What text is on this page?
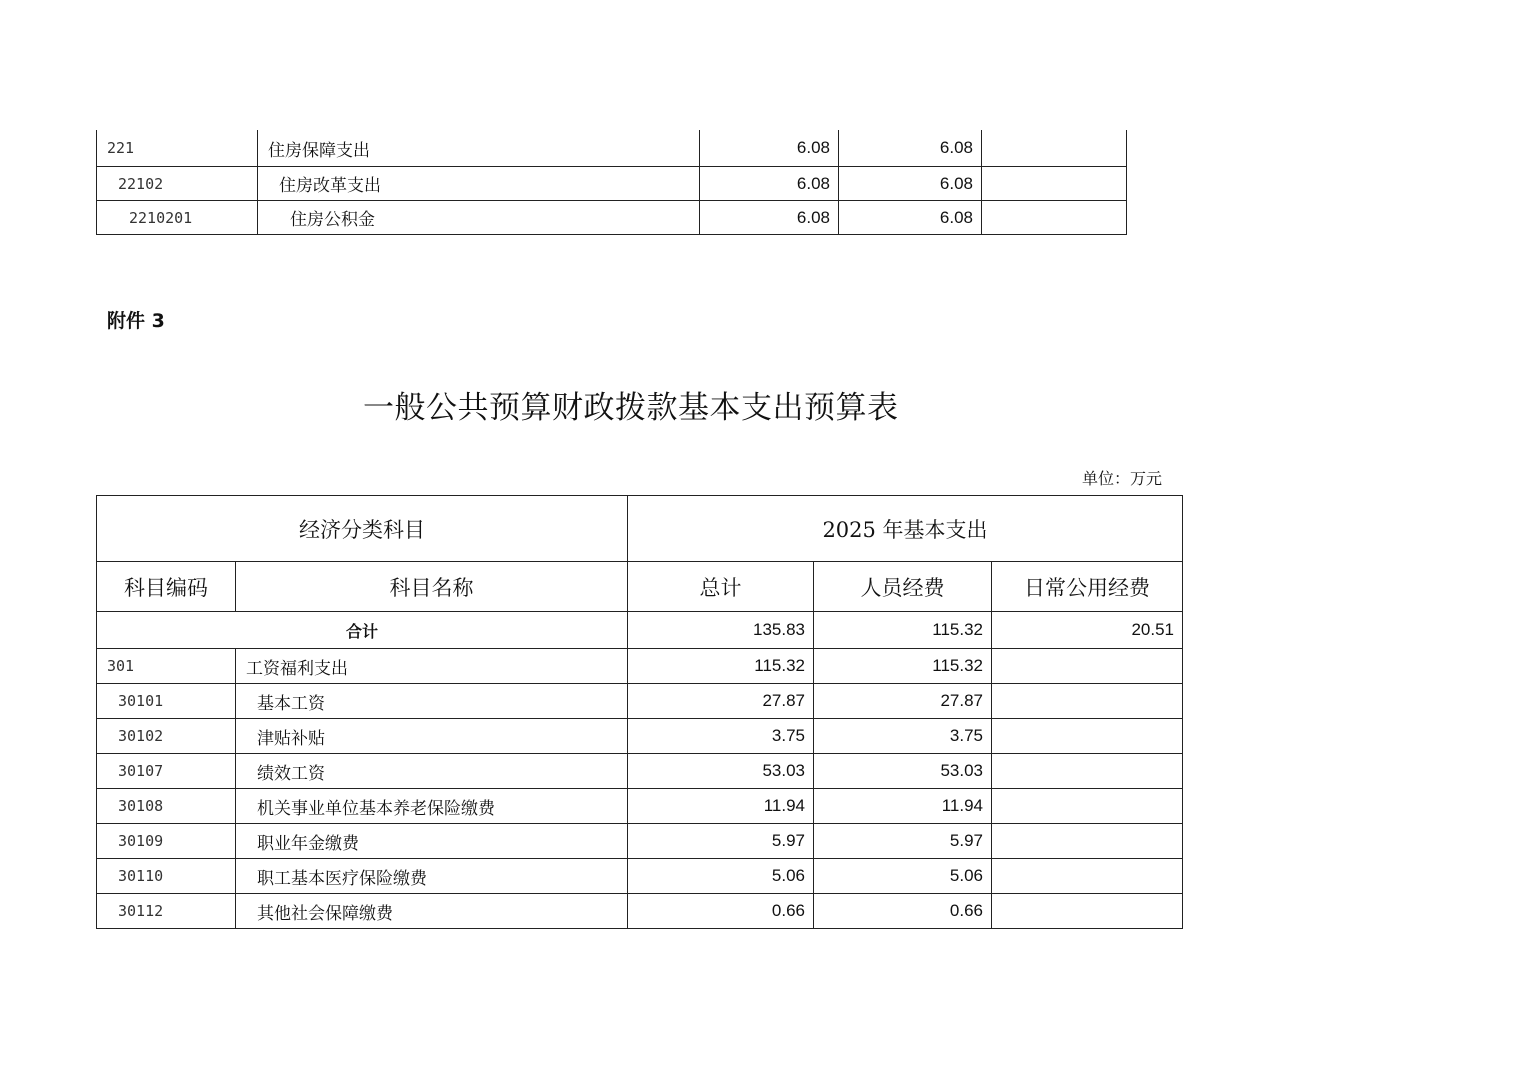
221	住房保障支出	6.08	6.08	
22102	住房改革支出	6.08	6.08	
2210201	住房公积金	6.08	6.08	
附件 3
一般公共预算财政拨款基本支出预算表
单位：万元
经济分类科目		2025 年基本支出		
科目编码	科目名称	总计	人员经费	日常公用经费
合计		135.83	115.32	20.51
301	工资福利支出	115.32	115.32	
30101	基本工资	27.87	27.87	
30102	津贴补贴	3.75	3.75	
30107	绩效工资	53.03	53.03	
30108	机关事业单位基本养老保险缴费	11.94	11.94	
30109	职业年金缴费	5.97	5.97	
30110	职工基本医疗保险缴费	5.06	5.06	
30112	其他社会保障缴费	0.66	0.66	
